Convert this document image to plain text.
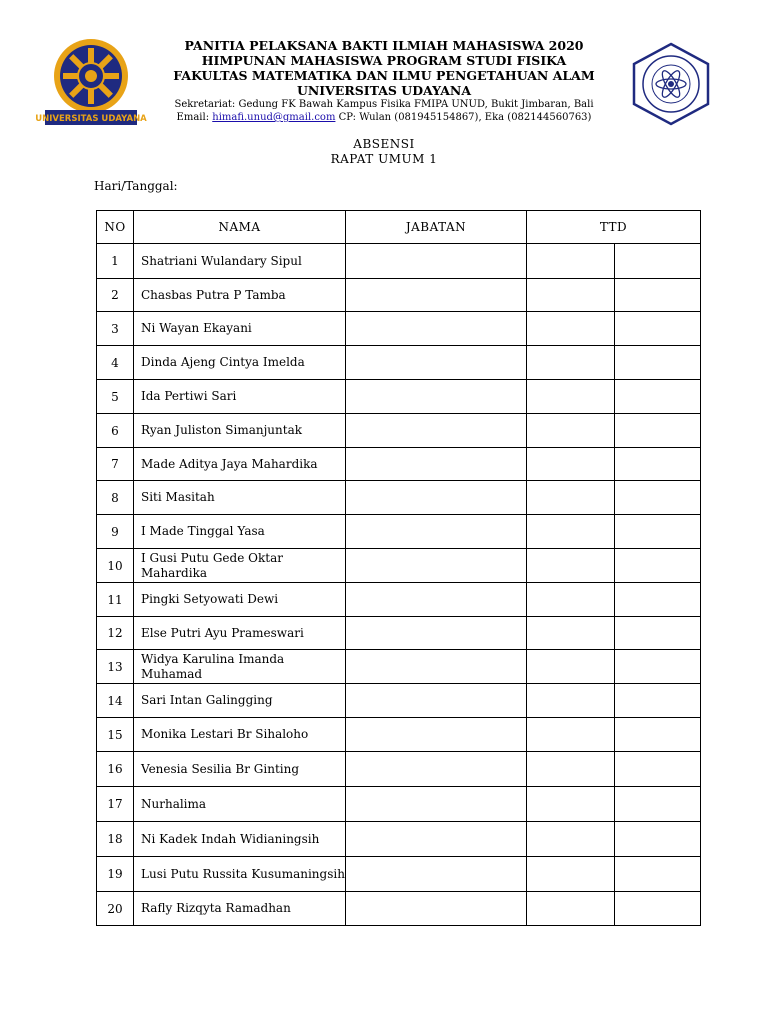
UNIVERSITAS UDAYANA
PANITIA PELAKSANA BAKTI ILMIAH MAHASISWA 2020
HIMPUNAN MAHASISWA PROGRAM STUDI FISIKA
FAKULTAS MATEMATIKA DAN ILMU PENGETAHUAN ALAM
UNIVERSITAS UDAYANA
Sekretariat: Gedung FK Bawah Kampus Fisika FMIPA UNUD, Bukit Jimbaran, Bali
Email: himafi.unud@gmail.com CP: Wulan (081945154867), Eka (082144560763)
ABSENSI
RAPAT UMUM 1
Hari/Tanggal:
NO	NAMA	JABATAN	TTD	
1	Shatriani Wulandary Sipul			
2	Chasbas Putra P Tamba			
3	Ni Wayan Ekayani			
4	Dinda Ajeng Cintya Imelda			
5	Ida Pertiwi Sari			
6	Ryan Juliston Simanjuntak			
7	Made Aditya Jaya Mahardika			
8	Siti Masitah			
9	I Made Tinggal Yasa			
10	I Gusi Putu Gede Oktar Mahardika			
11	Pingki Setyowati Dewi			
12	Else Putri Ayu Prameswari			
13	Widya Karulina Imanda Muhamad			
14	Sari Intan Galingging			
15	Monika Lestari Br Sihaloho			
16	Venesia Sesilia Br Ginting			
17	Nurhalima			
18	Ni Kadek Indah Widianingsih			
19	Lusi Putu Russita Kusumaningsih			
20	Rafly Rizqyta Ramadhan			
